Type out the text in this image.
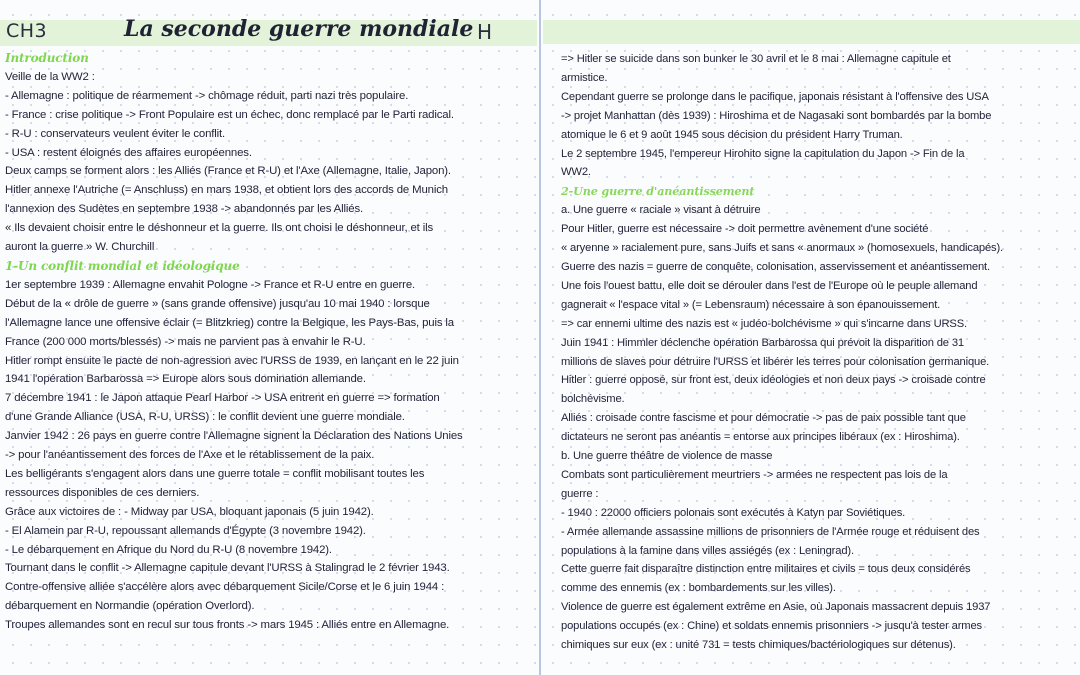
CH3	La seconde guerre mondiale H
Introduction
Veille de la WW2 :
- Allemagne : politique de réarmement -> chômage réduit, parti nazi très populaire.
- France : crise politique -> Front Populaire est un échec, donc remplacé par le Parti radical.
- R-U : conservateurs veulent éviter le conflit.
- USA : restent éloignés des affaires européennes.
Deux camps se forment alors : les Alliés (France et R-U) et l'Axe (Allemagne, Italie, Japon).
Hitler annexe l'Autriche (= Anschluss) en mars 1938, et obtient lors des accords de Munich
l'annexion des Sudètes en septembre 1938 -> abandonnés par les Alliés.
« Ils devaient choisir entre le déshonneur et la guerre. Ils ont choisi le déshonneur, et ils
auront la guerre » W. Churchill
1-Un conflit mondial et idéologique
1er septembre 1939 : Allemagne envahit Pologne -> France et R-U entre en guerre.
Début de la « drôle de guerre » (sans grande offensive) jusqu'au 10 mai 1940 : lorsque
l'Allemagne lance une offensive éclair (= Blitzkrieg) contre la Belgique, les Pays-Bas, puis la
France (200 000 morts/blessés) -> mais ne parvient pas à envahir le R-U.
Hitler rompt ensuite le pacte de non-agression avec l'URSS de 1939, en lançant en le 22 juin
1941 l'opération Barbarossa => Europe alors sous domination allemande.
7 décembre 1941 : le Japon attaque Pearl Harbor -> USA entrent en guerre => formation
d'une Grande Alliance (USA, R-U, URSS) : le conflit devient une guerre mondiale.
Janvier 1942 : 26 pays en guerre contre l'Allemagne signent la Déclaration des Nations Unies
-> pour l'anéantissement des forces de l'Axe et le rétablissement de la paix.
Les belligérants s'engagent alors dans une guerre totale = conflit mobilisant toutes les
ressources disponibles de ces derniers.
Grâce aux victoires de : - Midway par USA, bloquant japonais (5 juin 1942).
- El Alamein par R-U, repoussant allemands d'Égypte (3 novembre 1942).
- Le débarquement en Afrique du Nord du R-U (8 novembre 1942).
Tournant dans le conflit -> Allemagne capitule devant l'URSS à Stalingrad le 2 février 1943.
Contre-offensive alliée s'accélère alors avec débarquement Sicile/Corse et le 6 juin 1944 :
débarquement en Normandie (opération Overlord).
Troupes allemandes sont en recul sur tous fronts -> mars 1945 : Alliés entre en Allemagne.
=> Hitler se suicide dans son bunker le 30 avril et le 8 mai : Allemagne capitule et
armistice.
Cependant guerre se prolonge dans le pacifique, japonais résistant à l'offensive des USA
-> projet Manhattan (dès 1939) : Hiroshima et de Nagasaki sont bombardés par la bombe
atomique le 6 et 9 août 1945 sous décision du président Harry Truman.
Le 2 septembre 1945, l'empereur Hirohito signe la capitulation du Japon -> Fin de la
WW2.
2-Une guerre d'anéantissement
a. Une guerre « raciale » visant à détruire
Pour Hitler, guerre est nécessaire -> doit permettre avènement d'une société
« aryenne » racialement pure, sans Juifs et sans « anormaux » (homosexuels, handicapés).
Guerre des nazis = guerre de conquête, colonisation, asservissement et anéantissement.
Une fois l'ouest battu, elle doit se dérouler dans l'est de l'Europe où le peuple allemand
gagnerait « l'espace vital » (= Lebensraum) nécessaire à son épanouissement.
=> car ennemi ultime des nazis est « judéo-bolchévisme » qui s'incarne dans URSS.
Juin 1941 : Himmler déclenche opération Barbarossa qui prévoit la disparition de 31
millions de slaves pour détruire l'URSS et libérer les terres pour colonisation germanique.
Hitler : guerre opposé, sur front est, deux idéologies et non deux pays -> croisade contre
bolchévisme.
Alliés : croisade contre fascisme et pour démocratie -> pas de paix possible tant que
dictateurs ne seront pas anéantis = entorse aux principes libéraux (ex : Hiroshima).
b. Une guerre théâtre de violence de masse
Combats sont particulièrement meurtriers -> armées ne respectent pas lois de la
guerre :
- 1940 : 22000 officiers polonais sont exécutés à Katyn par Soviétiques.
- Armée allemande assassine millions de prisonniers de l'Armée rouge et réduisent des
populations à la famine dans villes assiégés (ex : Leningrad).
Cette guerre fait disparaître distinction entre militaires et civils = tous deux considérés
comme des ennemis (ex : bombardements sur les villes).
Violence de guerre est également extrême en Asie, où Japonais massacrent depuis 1937
populations occupés (ex : Chine) et soldats ennemis prisonniers -> jusqu'à tester armes
chimiques sur eux (ex : unité 731 = tests chimiques/bactériologiques sur détenus).
